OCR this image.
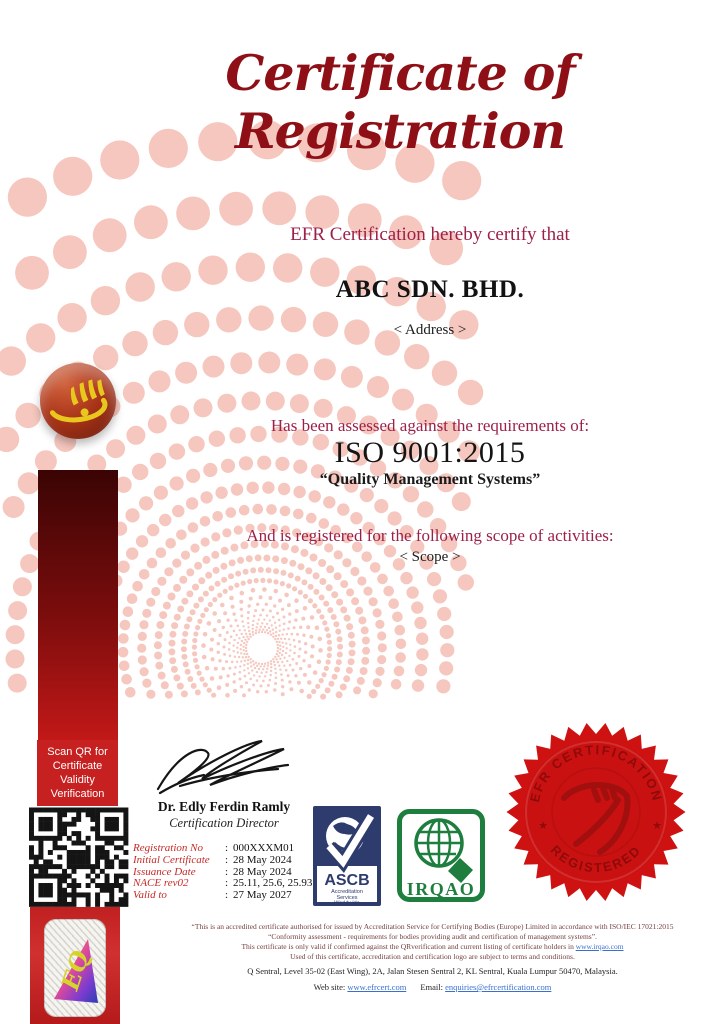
Certificate of Registration
EFR Certification hereby certify that
ABC SDN. BHD.
< Address >
Has been assessed against the requirements of:
ISO 9001:2015
“Quality Management Systems”
And is registered for the following scope of activities:
< Scope >
Scan QR for
Certificate
Validity
Verification
EQ
Dr. Edly Ferdin Ramly
Certification Director
Registration No	: 000XXXM01
Initial Certificate	: 28 May 2024
Issuance Date	: 28 May 2024
NACE rev02	: 25.11, 25.6, 25.93
Valid to	: 27 May 2027
ASCB
Accreditation
Services
Worldwide
IRQAO
EFR CERTIFICATION
REGISTERED
★	★
“This is an accredited certificate authorised for issued by Accreditation Service for Certifying Bodies (Europe) Limited in accordance with ISO/IEC 17021:2015
“Conformity assessment - requirements for bodies providing audit and certification of management systems”.
This certificate is only valid if confirmed against the QRverification and current listing of certificate holders in www.irqao.com
Used of this certificate, accreditation and certification logo are subject to terms and conditions.
Q Sentral, Level 35-02 (East Wing), 2A, Jalan Stesen Sentral 2, KL Sentral, Kuala Lumpur 50470, Malaysia.
Web site: www.efrcert.com Email: enquiries@efrcertification.com
